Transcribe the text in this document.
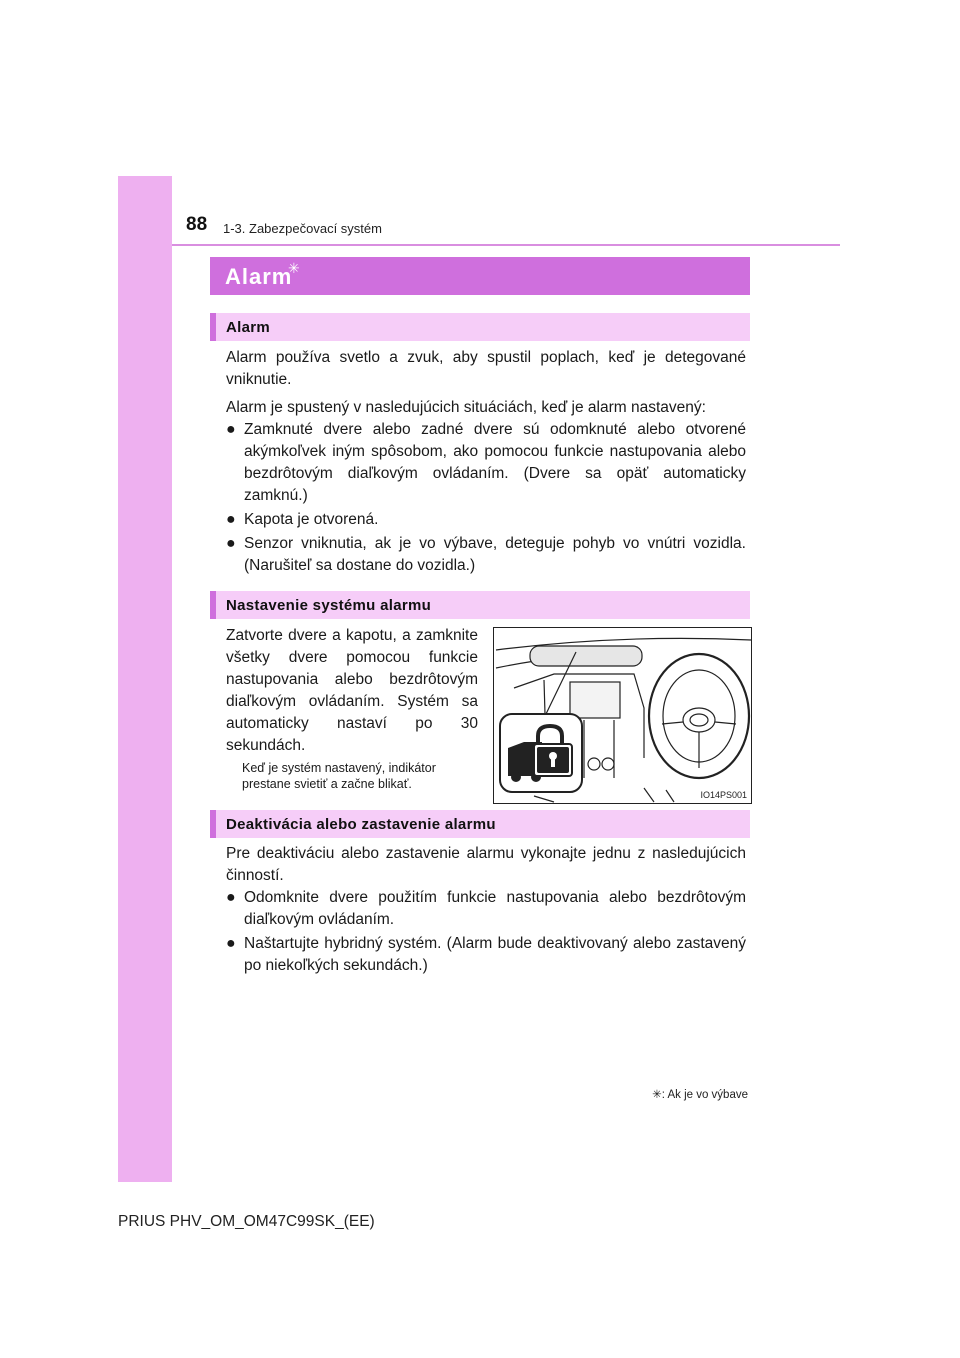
88 1-3. Zabezpečovací systém
Alarm
✳
Alarm
Alarm používa svetlo a zvuk, aby spustil poplach, keď je detegované vniknutie.
Alarm je spustený v nasledujúcich situáciách, keď je alarm nastavený:
● Zamknuté dvere alebo zadné dvere sú odomknuté alebo otvorené akýmkoľvek iným spôsobom, ako pomocou funkcie nastupovania alebo bezdrôtovým diaľkovým ovládaním. (Dvere sa opäť automaticky zamknú.)
● Kapota je otvorená.
● Senzor vniknutia, ak je vo výbave, deteguje pohyb vo vnútri vozidla. (Narušiteľ sa dostane do vozidla.)
Nastavenie systému alarmu
Zatvorte dvere a kapotu, a zamknite všetky dvere pomocou funkcie nastupovania alebo bezdrôtovým diaľkovým ovládaním. Systém sa automaticky nastaví po 30 sekundách.
Keď je systém nastavený, indikátor prestane svietiť a začne blikať.
IO14PS001
Deaktivácia alebo zastavenie alarmu
Pre deaktiváciu alebo zastavenie alarmu vykonajte jednu z nasledujúcich činností.
● Odomknite dvere použitím funkcie nastupovania alebo bezdrôtovým diaľkovým ovládaním.
● Naštartujte hybridný systém. (Alarm bude deaktivovaný alebo zastavený po niekoľkých sekundách.)
✳: Ak je vo výbave
PRIUS PHV_OM_OM47C99SK_(EE)
